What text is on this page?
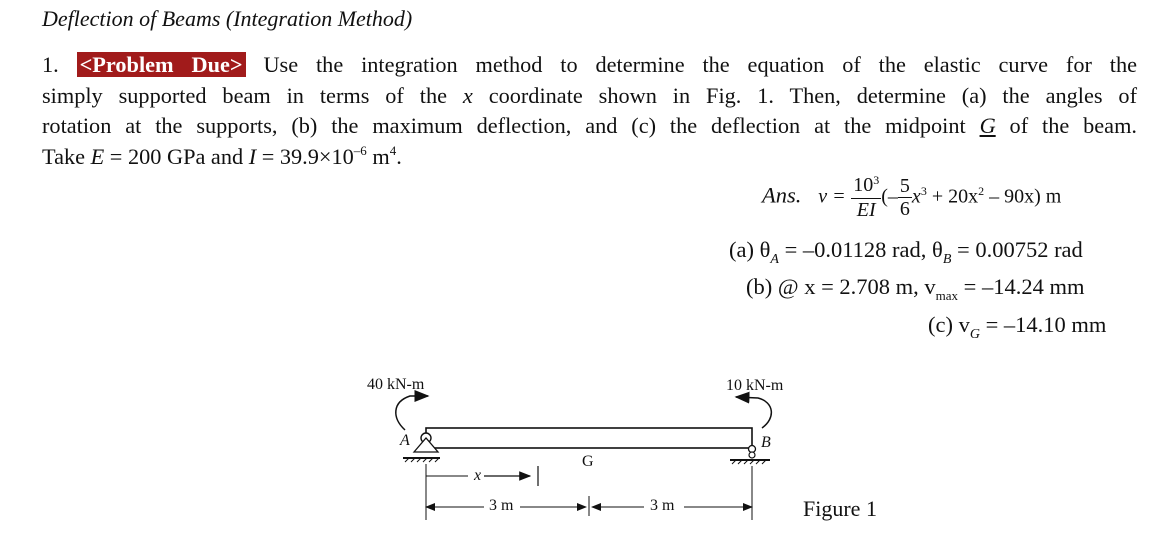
Deflection of Beams (Integration Method)
1. <Problem Due> Use the integration method to determine the equation of the elastic curve for the
simply supported beam in terms of the x coordinate shown in Fig. 1. Then, determine (a) the angles of
rotation at the supports, (b) the maximum deflection, and (c) the deflection at the midpoint G of the beam.
Take E = 200 GPa and $I = 39.9\times 10^{-6}$ $m^4$.
Ans. $v = \frac{10^3}{EI}$ (– $\frac{5}{6} x^3 + 20x^2 - 90x$) m
(a) $\theta_A = -0.01128$ rad, $\theta_B = 0.00752$ rad
(b) @ x = 2.708 m, $v_{max} = -14.24$ mm
(c) $v_G = -14.10$ mm
40 kN-m	10 kN-m
A	B
G
x
3 m	3 m	Figure 1
